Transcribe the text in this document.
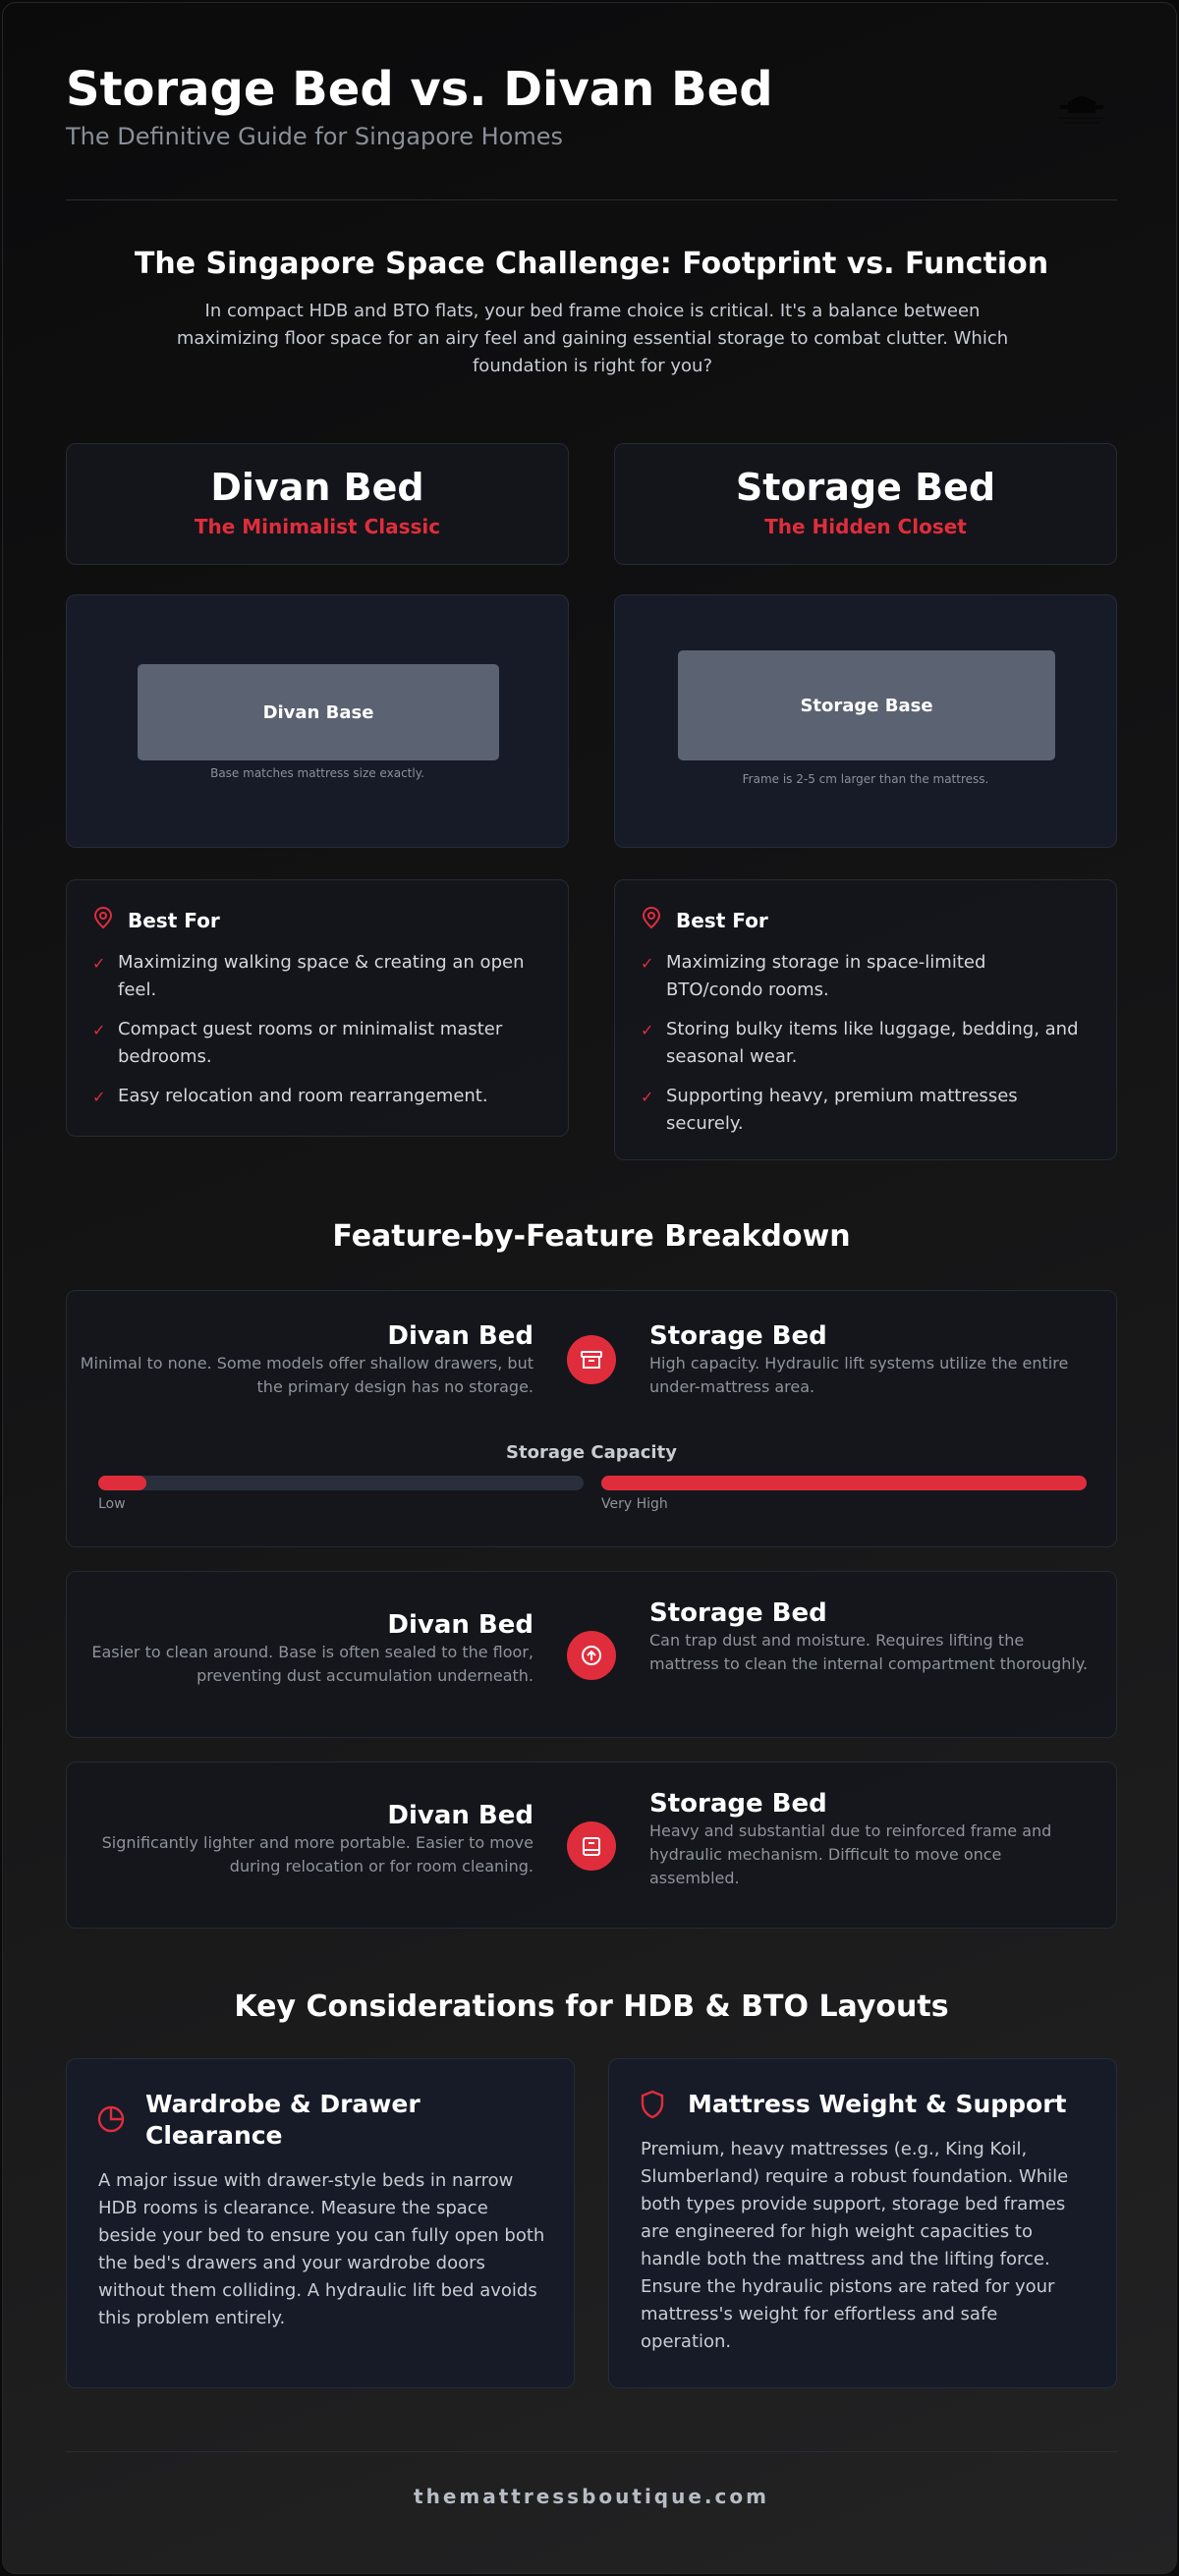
Storage Bed vs. Divan Bed
The Definitive Guide for Singapore Homes
The Singapore Space Challenge: Footprint vs. Function
In compact HDB and BTO flats, your bed frame choice is critical. It's a balance between maximizing floor space for an airy feel and gaining essential storage to combat clutter. Which foundation is right for you?
Divan Bed
The Minimalist Classic
Storage Bed
The Hidden Closet
Divan Base
Base matches mattress size exactly.
Storage Base
Frame is 2-5 cm larger than the mattress.
Best For
✓ Maximizing walking space & creating an open feel.
✓ Compact guest rooms or minimalist master bedrooms.
✓ Easy relocation and room rearrangement.
Best For
✓ Maximizing storage in space-limited BTO/condo rooms.
✓ Storing bulky items like luggage, bedding, and seasonal wear.
✓ Supporting heavy, premium mattresses securely.
Feature-by-Feature Breakdown
Divan Bed
Minimal to none. Some models offer shallow drawers, but the primary design has no storage.
Storage Bed
High capacity. Hydraulic lift systems utilize the entire under-mattress area.
Storage Capacity
Low	Very High
Divan Bed
Easier to clean around. Base is often sealed to the floor, preventing dust accumulation underneath.
Storage Bed
Can trap dust and moisture. Requires lifting the mattress to clean the internal compartment thoroughly.
Divan Bed
Significantly lighter and more portable. Easier to move during relocation or for room cleaning.
Storage Bed
Heavy and substantial due to reinforced frame and hydraulic mechanism. Difficult to move once assembled.
Key Considerations for HDB & BTO Layouts
Wardrobe & Drawer Clearance
A major issue with drawer-style beds in narrow HDB rooms is clearance. Measure the space beside your bed to ensure you can fully open both the bed's drawers and your wardrobe doors without them colliding. A hydraulic lift bed avoids this problem entirely.
Mattress Weight & Support
Premium, heavy mattresses (e.g., King Koil, Slumberland) require a robust foundation. While both types provide support, storage bed frames are engineered for high weight capacities to handle both the mattress and the lifting force. Ensure the hydraulic pistons are rated for your mattress's weight for effortless and safe operation.
themattressboutique.com
